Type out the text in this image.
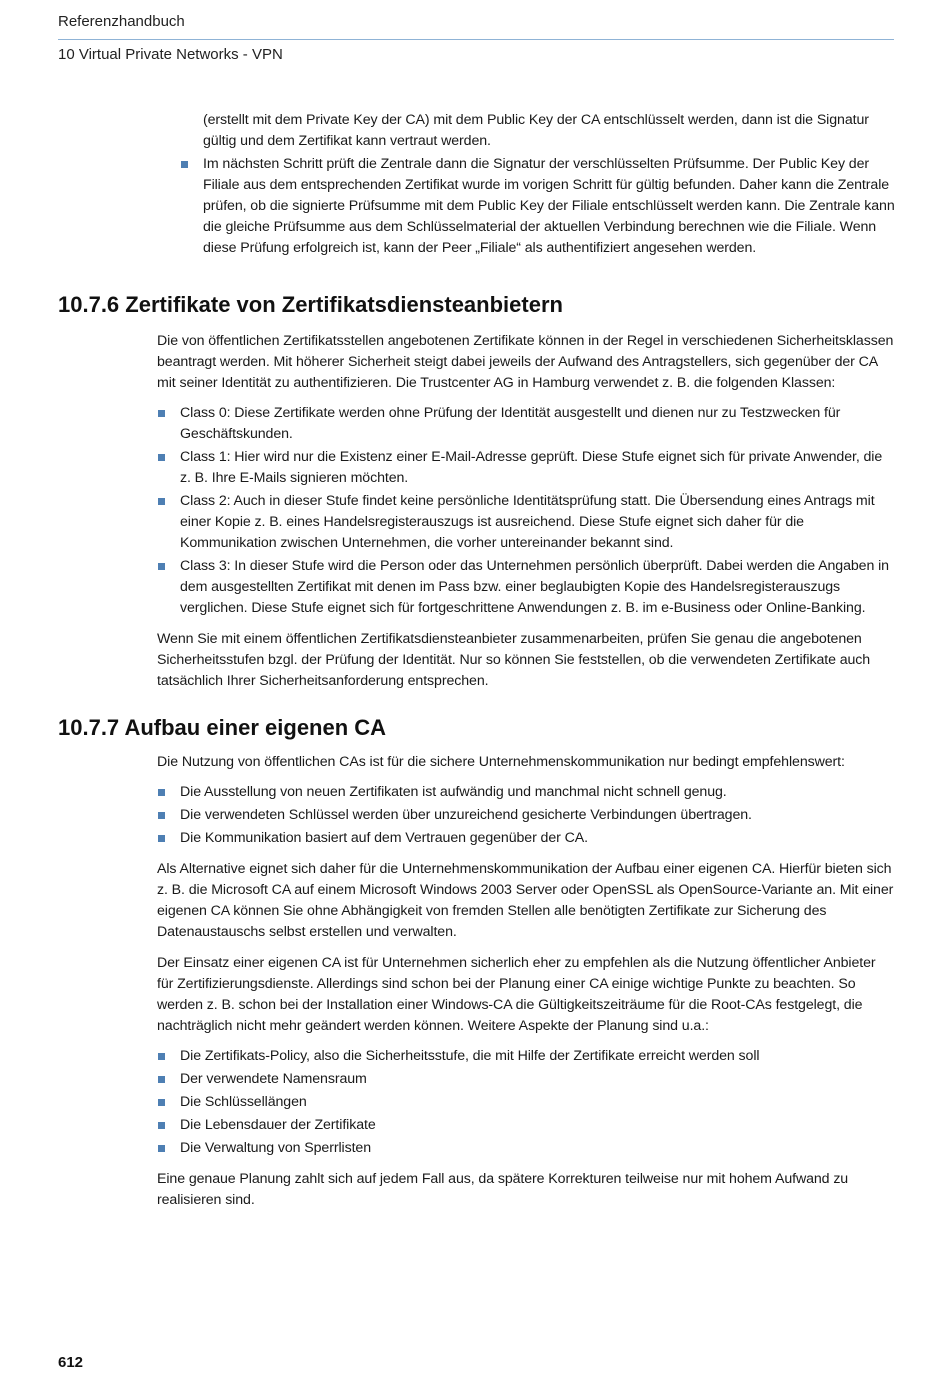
Referenzhandbuch
10 Virtual Private Networks - VPN

(erstellt mit dem Private Key der CA) mit dem Public Key der CA entschlüsselt werden, dann ist die Signatur gültig und dem Zertifikat kann vertraut werden.

Im nächsten Schritt prüft die Zentrale dann die Signatur der verschlüsselten Prüfsumme. Der Public Key der Filiale aus dem entsprechenden Zertifikat wurde im vorigen Schritt für gültig befunden. Daher kann die Zentrale prüfen, ob die signierte Prüfsumme mit dem Public Key der Filiale entschlüsselt werden kann. Die Zentrale kann die gleiche Prüfsumme aus dem Schlüsselmaterial der aktuellen Verbindung berechnen wie die Filiale. Wenn diese Prüfung erfolgreich ist, kann der Peer „Filiale“ als authentifiziert angesehen werden.
10.7.6 Zertifikate von Zertifikatsdiensteanbietern

Die von öffentlichen Zertifikatsstellen angebotenen Zertifikate können in der Regel in verschiedenen Sicherheitsklassen beantragt werden. Mit höherer Sicherheit steigt dabei jeweils der Aufwand des Antragstellers, sich gegenüber der CA mit seiner Identität zu authentifizieren. Die Trustcenter AG in Hamburg verwendet z. B. die folgenden Klassen:

Class 0: Diese Zertifikate werden ohne Prüfung der Identität ausgestellt und dienen nur zu Testzwecken für Geschäftskunden.
Class 1: Hier wird nur die Existenz einer E-Mail-Adresse geprüft. Diese Stufe eignet sich für private Anwender, die z. B. Ihre E-Mails signieren möchten.
Class 2: Auch in dieser Stufe findet keine persönliche Identitätsprüfung statt. Die Übersendung eines Antrags mit einer Kopie z. B. eines Handelsregisterauszugs ist ausreichend. Diese Stufe eignet sich daher für die Kommunikation zwischen Unternehmen, die vorher untereinander bekannt sind.
Class 3: In dieser Stufe wird die Person oder das Unternehmen persönlich überprüft. Dabei werden die Angaben in dem ausgestellten Zertifikat mit denen im Pass bzw. einer beglaubigten Kopie des Handelsregisterauszugs verglichen. Diese Stufe eignet sich für fortgeschrittene Anwendungen z. B. im e-Business oder Online-Banking.

Wenn Sie mit einem öffentlichen Zertifikatsdiensteanbieter zusammenarbeiten, prüfen Sie genau die angebotenen Sicherheitsstufen bzgl. der Prüfung der Identität. Nur so können Sie feststellen, ob die verwendeten Zertifikate auch tatsächlich Ihrer Sicherheitsanforderung entsprechen.

10.7.7 Aufbau einer eigenen CA

Die Nutzung von öffentlichen CAs ist für die sichere Unternehmenskommunikation nur bedingt empfehlenswert:

Die Ausstellung von neuen Zertifikaten ist aufwändig und manchmal nicht schnell genug.
Die verwendeten Schlüssel werden über unzureichend gesicherte Verbindungen übertragen.
Die Kommunikation basiert auf dem Vertrauen gegenüber der CA.

Als Alternative eignet sich daher für die Unternehmenskommunikation der Aufbau einer eigenen CA. Hierfür bieten sich z. B. die Microsoft CA auf einem Microsoft Windows 2003 Server oder OpenSSL als OpenSource-Variante an. Mit einer eigenen CA können Sie ohne Abhängigkeit von fremden Stellen alle benötigten Zertifikate zur Sicherung des Datenaustauschs selbst erstellen und verwalten.

Der Einsatz einer eigenen CA ist für Unternehmen sicherlich eher zu empfehlen als die Nutzung öffentlicher Anbieter für Zertifizierungsdienste. Allerdings sind schon bei der Planung einer CA einige wichtige Punkte zu beachten. So werden z. B. schon bei der Installation einer Windows-CA die Gültigkeitszeiträume für die Root-CAs festgelegt, die nachträglich nicht mehr geändert werden können. Weitere Aspekte der Planung sind u.a.:

Die Zertifikats-Policy, also die Sicherheitsstufe, die mit Hilfe der Zertifikate erreicht werden soll
Der verwendete Namensraum
Die Schlüssellängen
Die Lebensdauer der Zertifikate
Die Verwaltung von Sperrlisten

Eine genaue Planung zahlt sich auf jedem Fall aus, da spätere Korrekturen teilweise nur mit hohem Aufwand zu realisieren sind.

612
